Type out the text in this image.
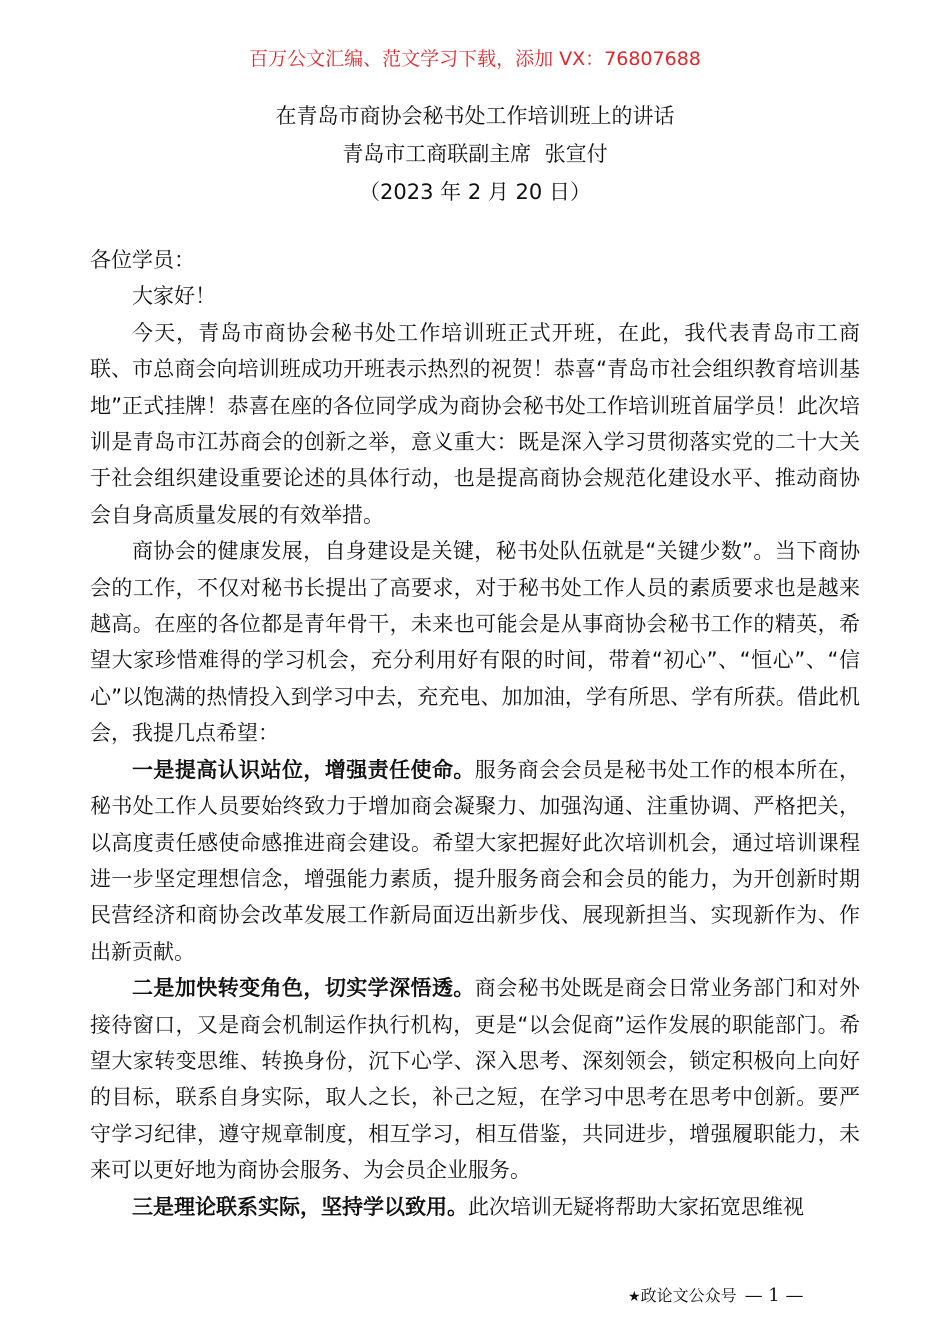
百万公文汇编、范文学习下载，添加 VX：76807688
在青岛市商协会秘书处工作培训班上的讲话
青岛市工商联副主席  张宣付
（2023 年 2 月 20 日）

各位学员：

大家好！

今天，青岛市商协会秘书处工作培训班正式开班，在此，我代表青岛市工商联、市总商会向培训班成功开班表示热烈的祝贺！恭喜“青岛市社会组织教育培训基地”正式挂牌！恭喜在座的各位同学成为商协会秘书处工作培训班首届学员！此次培训是青岛市江苏商会的创新之举，意义重大：既是深入学习贯彻落实党的二十大关于社会组织建设重要论述的具体行动，也是提高商协会规范化建设水平、推动商协会自身高质量发展的有效举措。

商协会的健康发展，自身建设是关键，秘书处队伍就是“关键少数”。当下商协会的工作，不仅对秘书长提出了高要求，对于秘书处工作人员的素质要求也是越来越高。在座的各位都是青年骨干，未来也可能会是从事商协会秘书工作的精英，希望大家珍惜难得的学习机会，充分利用好有限的时间，带着“初心”、“恒心”、“信心”以饱满的热情投入到学习中去，充充电、加加油，学有所思、学有所获。借此机会，我提几点希望：

一是提高认识站位，增强责任使命。服务商会会员是秘书处工作的根本所在，秘书处工作人员要始终致力于增加商会凝聚力、加强沟通、注重协调、严格把关，以高度责任感使命感推进商会建设。希望大家把握好此次培训机会，通过培训课程进一步坚定理想信念，增强能力素质，提升服务商会和会员的能力，为开创新时期民营经济和商协会改革发展工作新局面迈出新步伐、展现新担当、实现新作为、作出新贡献。

二是加快转变角色，切实学深悟透。商会秘书处既是商会日常业务部门和对外接待窗口，又是商会机制运作执行机构，更是“以会促商”运作发展的职能部门。希望大家转变思维、转换身份，沉下心学、深入思考、深刻领会，锁定积极向上向好的目标，联系自身实际，取人之长，补己之短，在学习中思考在思考中创新。要严守学习纪律，遵守规章制度，相互学习，相互借鉴，共同进步，增强履职能力，未来可以更好地为商协会服务、为会员企业服务。

三是理论联系实际，坚持学以致用。此次培训无疑将帮助大家拓宽思维视

★政论文公众号 — 1 —
